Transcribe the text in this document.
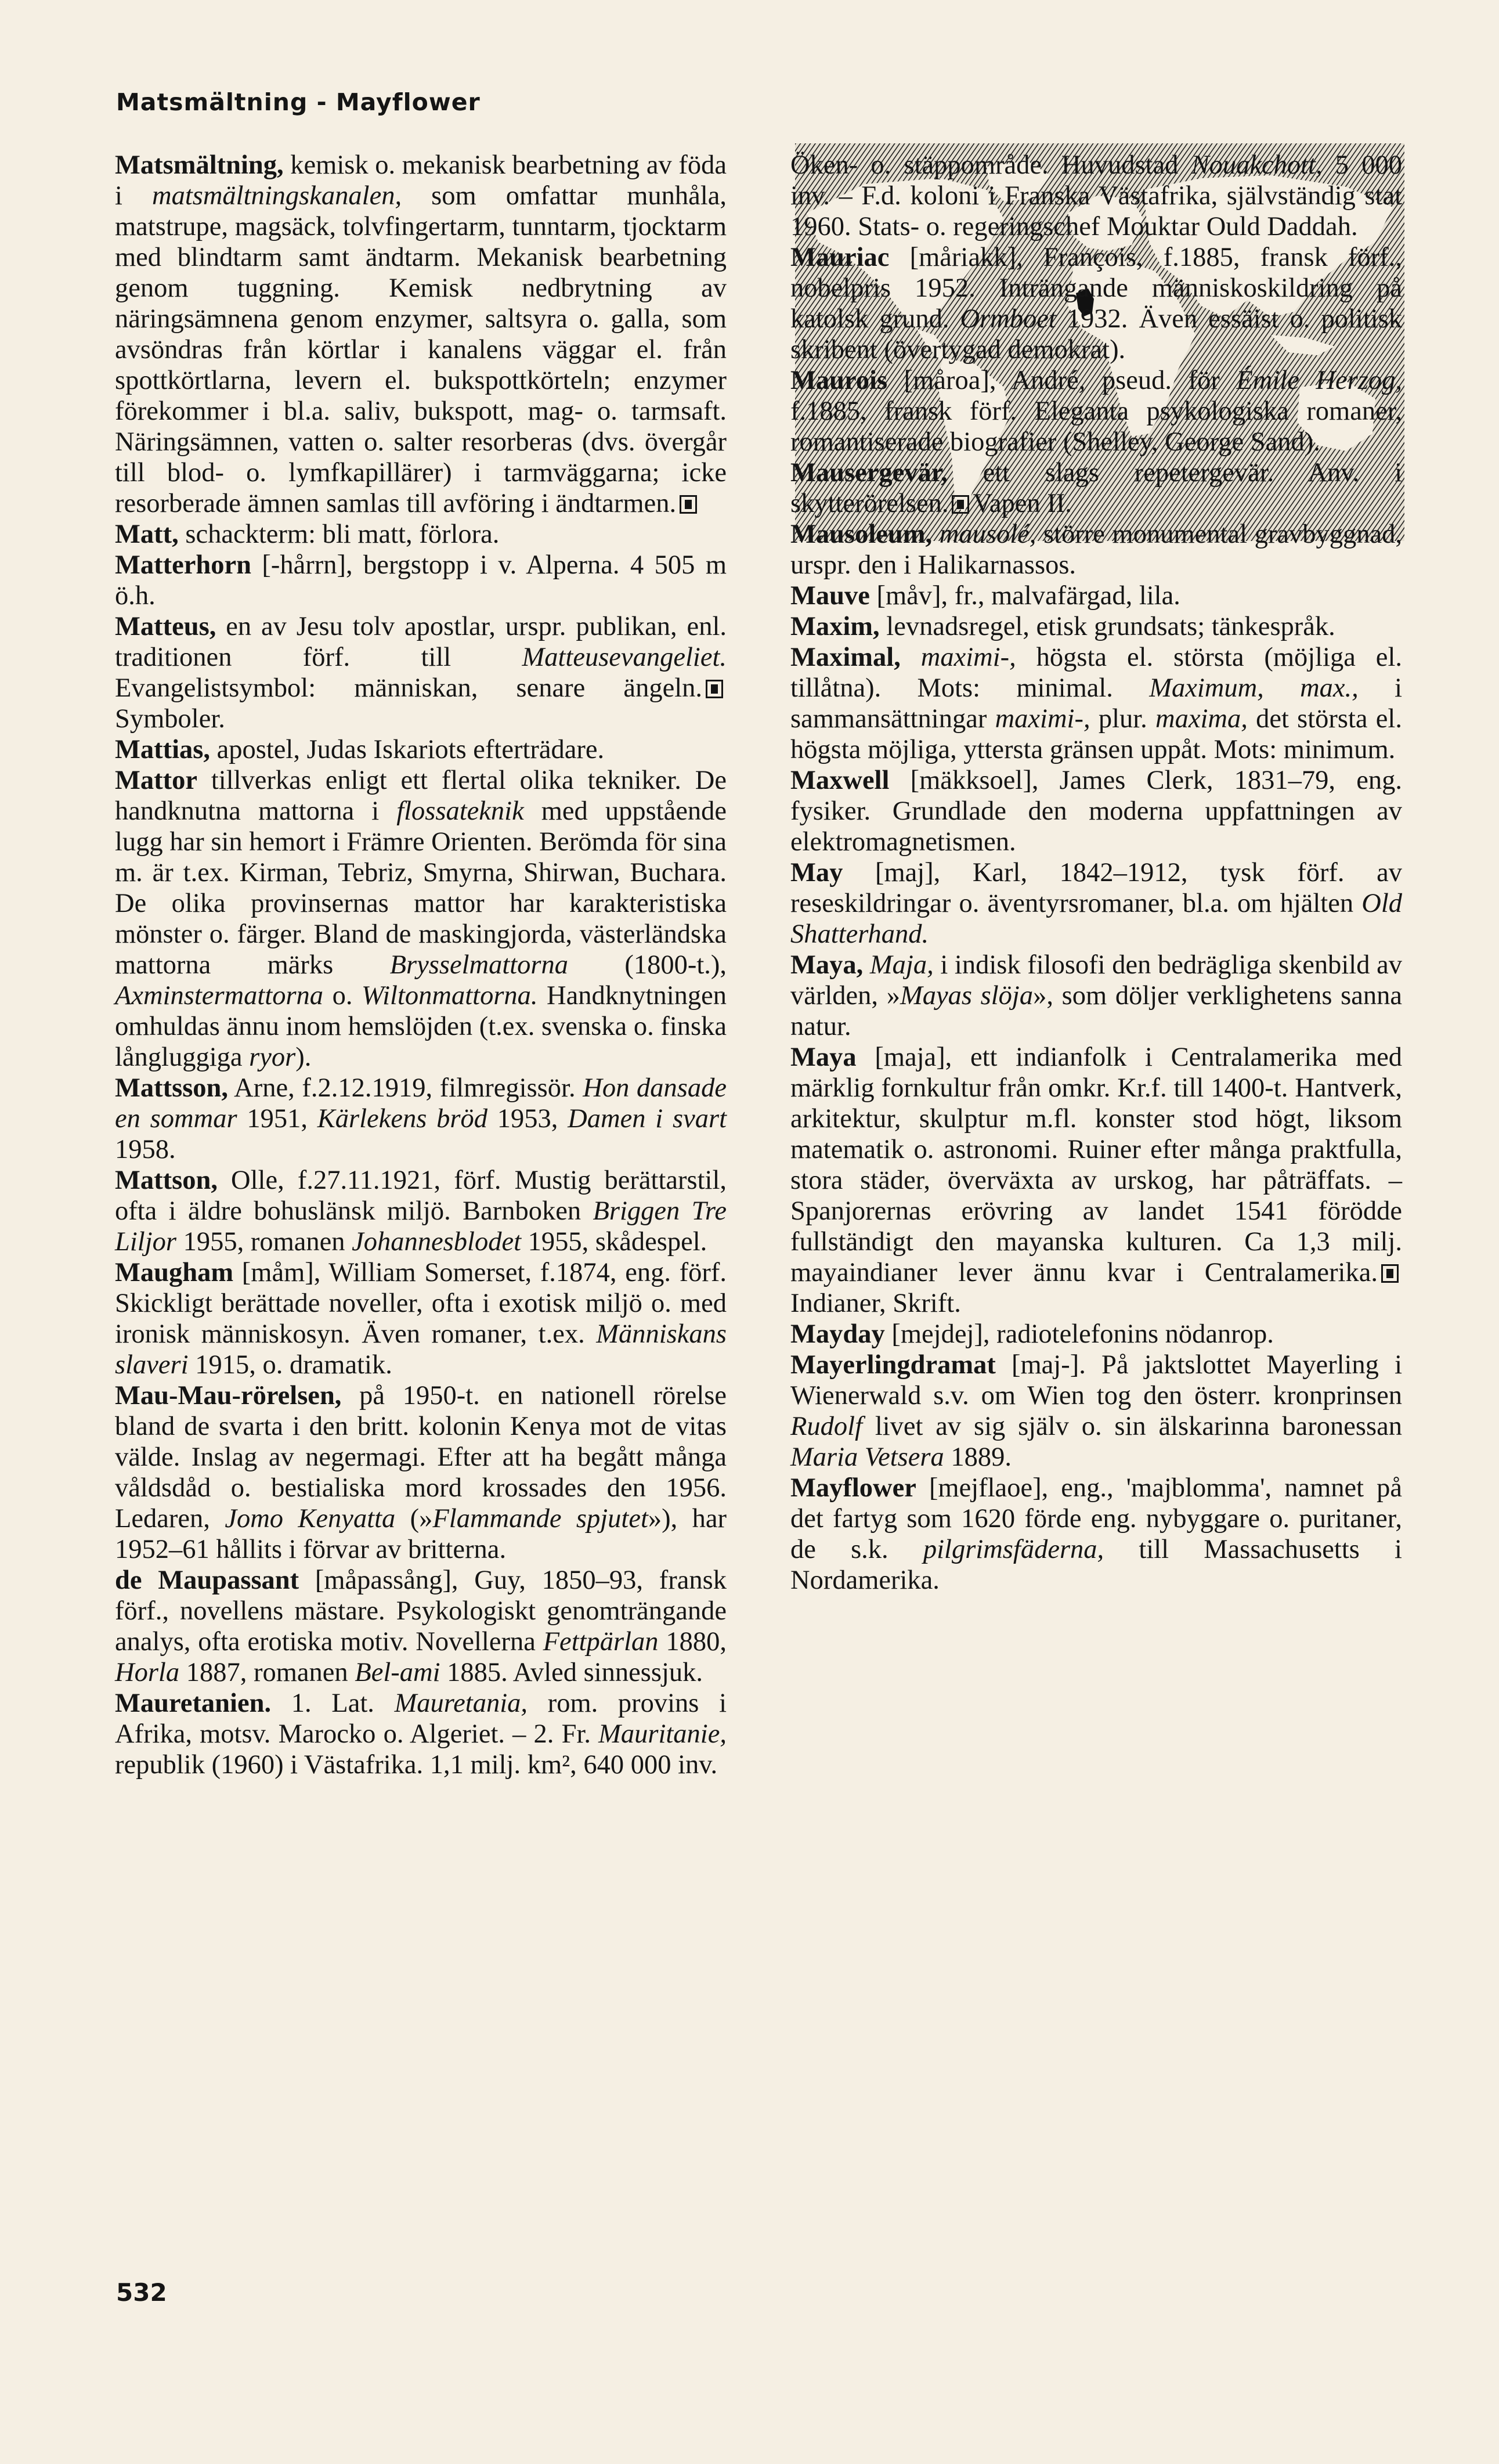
Matsmältning - Mayflower
Matsmältning, kemisk o. mekanisk bearbetning av föda i matsmältningskanalen, som omfattar munhåla, matstrupe, magsäck, tolvfingertarm, tunntarm, tjocktarm med blindtarm samt ändtarm. Mekanisk bearbetning genom tuggning. Kemisk nedbrytning av näringsämnena genom enzymer, saltsyra o. galla, som avsöndras från körtlar i kanalens väggar el. från spottkörtlarna, levern el. bukspottkörteln; enzymer förekommer i bl.a. saliv, bukspott, mag- o. tarmsaft. Näringsämnen, vatten o. salter resorberas (dvs. övergår till blod- o. lymfkapillärer) i tarmväggarna; icke resorberade ämnen samlas till avföring i ändtarmen.
Matt, schackterm: bli matt, förlora.
Matterhorn [-hårrn], bergstopp i v. Alperna. 4 505 m ö.h.
Matteus, en av Jesu tolv apostlar, urspr. publikan, enl. traditionen förf. till Matteusevangeliet. Evangelistsymbol: människan, senare ängeln.Symboler.
Mattias, apostel, Judas Iskariots efterträdare.
Mattor tillverkas enligt ett flertal olika tekniker. De handknutna mattorna i flossateknik med uppstående lugg har sin hemort i Främre Orienten. Berömda för sina m. är t.ex. Kirman, Tebriz, Smyrna, Shirwan, Buchara. De olika provinsernas mattor har karakteristiska mönster o. färger. Bland de maskingjorda, västerländska mattorna märks Brysselmattorna (1800-t.), Axminstermattorna o. Wiltonmattorna. Handknytningen omhuldas ännu inom hemslöjden (t.ex. svenska o. finska långluggiga ryor).
Mattsson, Arne, f.2.12.1919, filmregissör. Hon dansade en sommar 1951, Kärlekens bröd 1953, Damen i svart 1958.
Mattson, Olle, f.27.11.1921, förf. Mustig berättarstil, ofta i äldre bohuslänsk miljö. Barnboken Briggen Tre Liljor 1955, romanen Johannesblodet 1955, skådespel.
Maugham [måm], William Somerset, f.1874, eng. förf. Skickligt berättade noveller, ofta i exotisk miljö o. med ironisk människosyn. Även romaner, t.ex. Människans slaveri 1915, o. dramatik.
Mau-Mau-rörelsen, på 1950-t. en nationell rörelse bland de svarta i den britt. kolonin Kenya mot de vitas välde. Inslag av negermagi. Efter att ha begått många våldsdåd o. bestialiska mord krossades den 1956. Ledaren, Jomo Kenyatta (»Flammande spjutet»), har 1952–61 hållits i förvar av britterna.
de Maupassant [måpassång], Guy, 1850–93, fransk förf., novellens mästare. Psykologiskt genomträngande analys, ofta erotiska motiv. Novellerna Fettpärlan 1880, Horla 1887, romanen Bel-ami 1885. Avled sinnessjuk.
Mauretanien. 1. Lat. Mauretania, rom. provins i Afrika, motsv. Marocko o. Algeriet. – 2. Fr. Mauritanie, republik (1960) i Västafrika. 1,1 milj. km², 640 000 inv.
Öken- o. stäppområde. Huvudstad Nouakchott, 5 000 inv. – F.d. koloni i Franska Västafrika, självständig stat 1960. Stats- o. regeringschef Mouktar Ould Daddah.
Mauriac [måriakk], François, f.1885, fransk förf., nobelpris 1952. Inträngande människoskildring på katolsk grund. Ormboet 1932. Även essäist o. politisk skribent (övertygad demokrat).
Maurois [måroa], André, pseud. för Émile Herzog, f.1885, fransk förf. Eleganta psykologiska romaner, romantiserade biografier (Shelley, George Sand).
Mausergevär, ett slags repetergevär. Anv. i skytterörelsen. Vapen II.
Mausoleum, mausolé, större monumental gravbyggnad, urspr. den i Halikarnassos.
Mauve [måv], fr., malvafärgad, lila.
Maxim, levnadsregel, etisk grundsats; tänkespråk.
Maximal, maximi-, högsta el. största (möjliga el. tillåtna). Mots: minimal. Maximum, max., i sammansättningar maximi-, plur. maxima, det största el. högsta möjliga, yttersta gränsen uppåt. Mots: minimum.
Maxwell [mäkksoel], James Clerk, 1831–79, eng. fysiker. Grundlade den moderna uppfattningen av elektromagnetismen.
May [maj], Karl, 1842–1912, tysk förf. av reseskildringar o. äventyrsromaner, bl.a. om hjälten Old Shatterhand.
Maya, Maja, i indisk filosofi den bedrägliga skenbild av världen, »Mayas slöja», som döljer verklighetens sanna natur.
Maya [maja], ett indianfolk i Centralamerika med märklig fornkultur från omkr. Kr.f. till 1400-t. Hantverk, arkitektur, skulptur m.fl. konster stod högt, liksom matematik o. astronomi. Ruiner efter många praktfulla, stora städer, överväxta av urskog, har påträffats. – Spanjorernas erövring av landet 1541 förödde fullständigt den mayanska kulturen. Ca 1,3 milj. mayaindianer lever ännu kvar i Centralamerika.Indianer, Skrift.
Mayday [mejdej], radiotelefonins nödanrop.
Mayerlingdramat [maj-]. På jaktslottet Mayerling i Wienerwald s.v. om Wien tog den österr. kronprinsen Rudolf livet av sig själv o. sin älskarinna baronessan Maria Vetsera 1889.
Mayflower [mejflaoe], eng., 'majblomma', namnet på det fartyg som 1620 förde eng. nybyggare o. puritaner, de s.k. pilgrimsfäderna, till Massachusetts i Nordamerika.
532
